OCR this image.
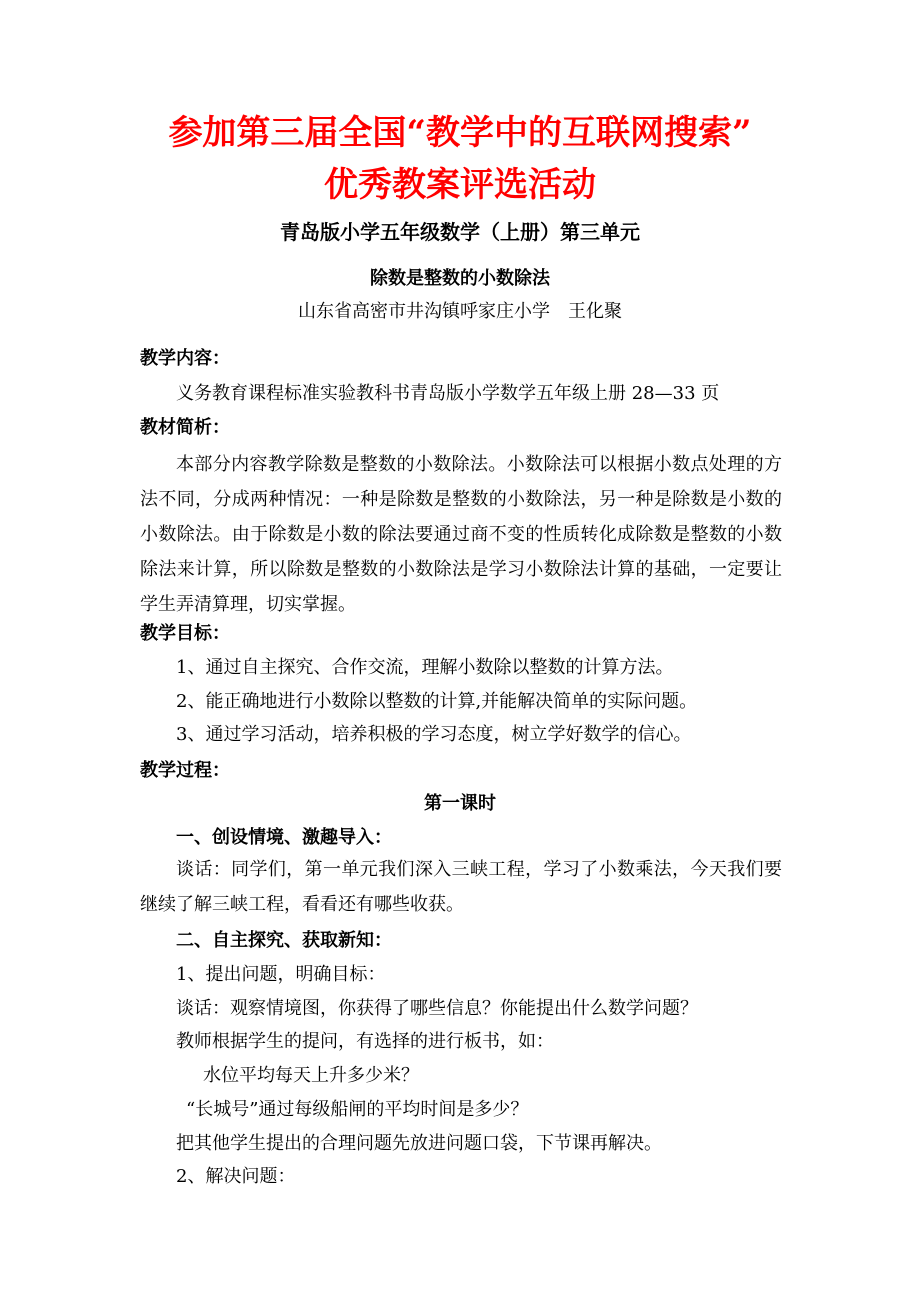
参加第三届全国“教学中的互联网搜索”
优秀教案评选活动
青岛版小学五年级数学（上册）第三单元
除数是整数的小数除法
山东省高密市井沟镇呼家庄小学　王化聚
教学内容：
义务教育课程标准实验教科书青岛版小学数学五年级上册 28—33 页
教材简析：
本部分内容教学除数是整数的小数除法。小数除法可以根据小数点处理的方法不同，分成两种情况：一种是除数是整数的小数除法，另一种是除数是小数的小数除法。由于除数是小数的除法要通过商不变的性质转化成除数是整数的小数除法来计算，所以除数是整数的小数除法是学习小数除法计算的基础，一定要让学生弄清算理，切实掌握。
教学目标：
1、通过自主探究、合作交流，理解小数除以整数的计算方法。
2、能正确地进行小数除以整数的计算,并能解决简单的实际问题。
3、通过学习活动，培养积极的学习态度，树立学好数学的信心。
教学过程：
第一课时
一、创设情境、激趣导入：
谈话：同学们，第一单元我们深入三峡工程，学习了小数乘法，今天我们要继续了解三峡工程，看看还有哪些收获。
二、自主探究、获取新知：
1、提出问题，明确目标：
谈话：观察情境图，你获得了哪些信息？你能提出什么数学问题？
教师根据学生的提问，有选择的进行板书，如：
水位平均每天上升多少米？
“长城号”通过每级船闸的平均时间是多少？
把其他学生提出的合理问题先放进问题口袋，下节课再解决。
2、解决问题：
